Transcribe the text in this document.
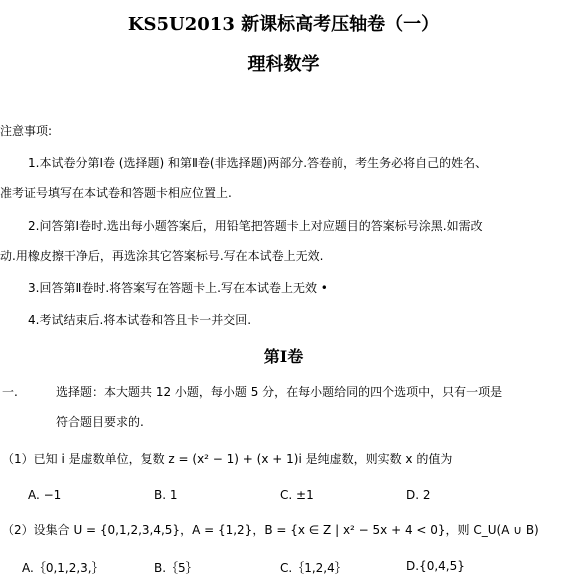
KS5U2013 新课标高考压轴卷（一）
理科数学
注意事项:
1.本试卷分第Ⅰ卷 (选择题) 和第Ⅱ卷(非选择题)两部分.答卷前，考生务必将自己的姓名、
准考证号填写在本试卷和答题卡相应位置上.
2.问答第Ⅰ卷时.选出每小题答案后，用铅笔把答题卡上对应题目的答案标号涂黑.如需改
动.用橡皮擦干净后，再选涂其它答案标号.写在本试卷上无效.
3.回答第Ⅱ卷时.将答案写在答题卡上.写在本试卷上无效 •
4.考试结束后.将本试卷和答且卡一并交回.
第Ⅰ卷
一.	选择题：本大题共 12 小题，每小题 5 分，在每小题给同的四个选项中，只有一项是
符合题目要求的.
（1）已知 i 是虚数单位，复数 z = (x² − 1) + (x + 1)i 是纯虚数，则实数 x 的值为
A. −1	B. 1	C. ±1	D. 2
（2）设集合 U = {0,1,2,3,4,5}，A = {1,2}，B = {x ∈ Z | x² − 5x + 4 < 0}，则 C_U(A ∪ B)
A.｛0,1,2,3,｝	B.｛5｝	C.｛1,2,4｝	D.{0,4,5}
